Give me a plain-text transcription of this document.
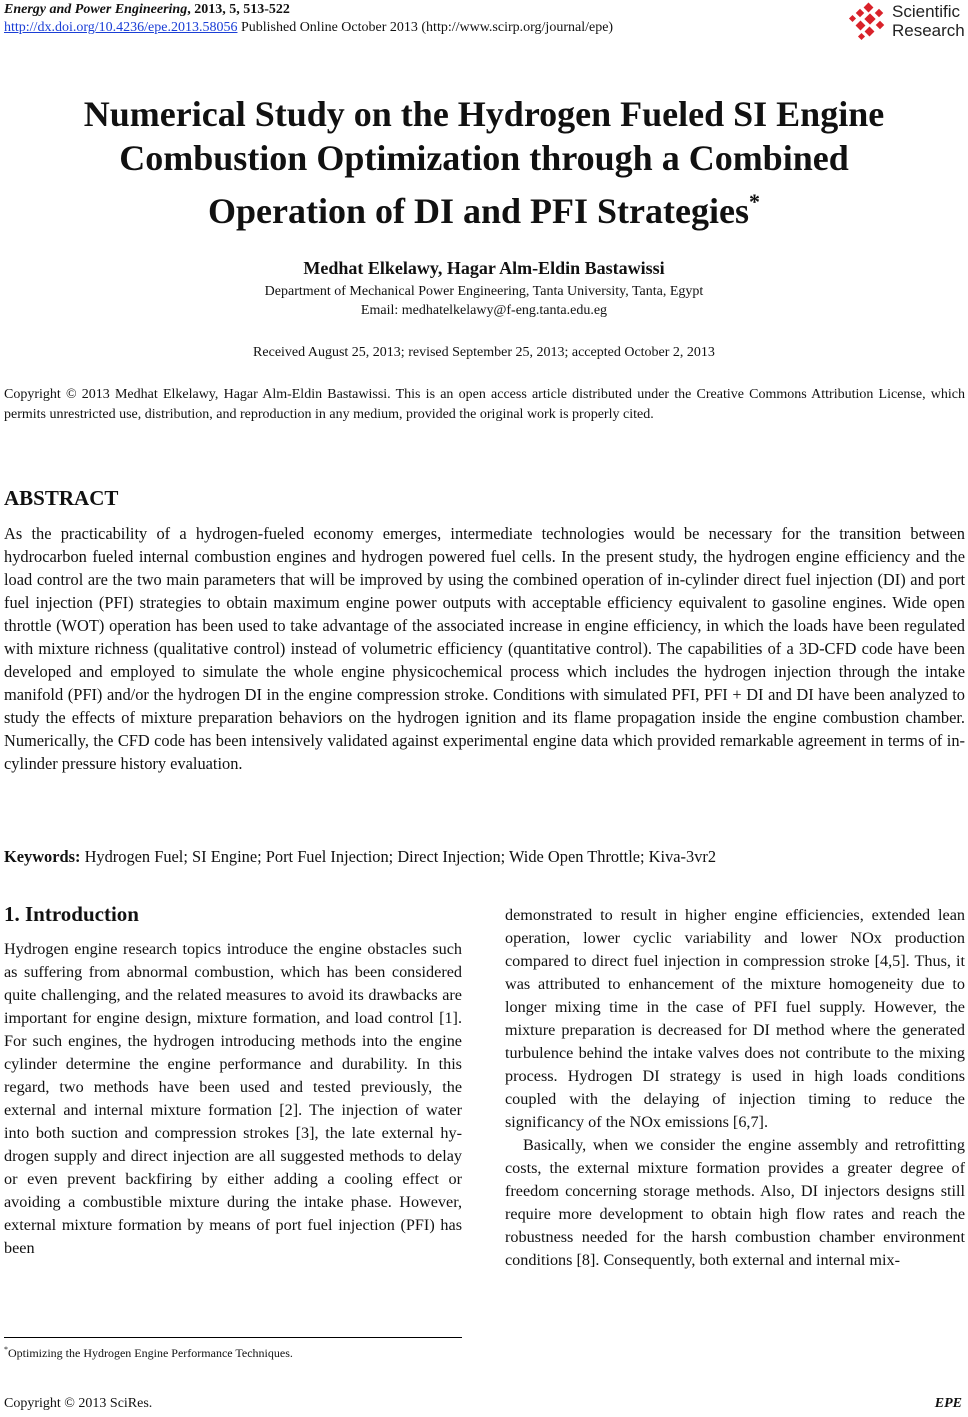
Energy and Power Engineering, 2013, 5, 513-522
http://dx.doi.org/10.4236/epe.2013.58056 Published Online October 2013 (http://www.scirp.org/journal/epe)
Scientific
Research
Numerical Study on the Hydrogen Fueled SI Engine
Combustion Optimization through a Combined
Operation of DI and PFI Strategies*
Medhat Elkelawy, Hagar Alm-Eldin Bastawissi
Department of Mechanical Power Engineering, Tanta University, Tanta, Egypt
Email: medhatelkelawy@f-eng.tanta.edu.eg
Received August 25, 2013; revised September 25, 2013; accepted October 2, 2013
Copyright © 2013 Medhat Elkelawy, Hagar Alm-Eldin Bastawissi. This is an open access article distributed under the Creative Commons Attribution License, which permits unrestricted use, distribution, and reproduction in any medium, provided the original work is properly cited.
ABSTRACT
As the practicability of a hydrogen-fueled economy emerges, intermediate technologies would be necessary for the transition between hydrocarbon fueled internal combustion engines and hydrogen powered fuel cells. In the present study, the hydrogen engine efficiency and the load control are the two main parameters that will be improved by using the combined operation of in-cylinder direct fuel injection (DI) and port fuel injection (PFI) strategies to obtain maximum engine power outputs with acceptable efficiency equivalent to gasoline engines. Wide open throttle (WOT) operation has been used to take advantage of the associated increase in engine efficiency, in which the loads have been regulated with mixture richness (qualitative control) instead of volumetric efficiency (quantitative control). The capabilities of a 3D-CFD code have been developed and employed to simulate the whole engine physicochemical process which includes the hydrogen injection through the intake manifold (PFI) and/or the hydrogen DI in the engine compression stroke. Conditions with simulated PFI, PFI + DI and DI have been analyzed to study the effects of mixture preparation behaviors on the hydrogen ignition and its flame propagation inside the engine combustion chamber. Numerically, the CFD code has been intensively validated against experimental engine data which provided remarkable agreement in terms of in-cylinder pressure history evaluation.
Keywords: Hydrogen Fuel; SI Engine; Port Fuel Injection; Direct Injection; Wide Open Throttle; Kiva-3vr2
1. Introduction

Hydrogen engine research topics introduce the engine obstacles such as suffering from abnormal combustion, which has been considered quite challenging, and the related measures to avoid its drawbacks are important for engine design, mixture formation, and load control [1]. For such engines, the hydrogen introducing methods into the engine cylinder determine the engine performance and durability. In this regard, two methods have been used and tested previously, the external and internal mixture formation [2]. The injection of water into both suction and compression strokes [3], the late external hydrogen supply and direct injection are all suggested methods to delay or even prevent backfiring by either adding a cooling effect or avoiding a combustible mixture during the intake phase. However, external mixture formation by means of port fuel injection (PFI) has been

demonstrated to result in higher engine efficiencies, extended lean operation, lower cyclic variability and lower NOx production compared to direct fuel injection in compression stroke [4,5]. Thus, it was attributed to enhancement of the mixture homogeneity due to longer mixing time in the case of PFI fuel supply. However, the mixture preparation is decreased for DI method where the generated turbulence behind the intake valves does not contribute to the mixing process. Hydrogen DI strategy is used in high loads conditions coupled with the delaying of injection timing to reduce the significancy of the NOx emissions [6,7].

Basically, when we consider the engine assembly and retrofitting costs, the external mixture formation provides a greater degree of freedom concerning storage methods. Also, DI injectors designs still require more development to obtain high flow rates and reach the robustness needed for the harsh combustion chamber environment conditions [8]. Consequently, both external and internal mix-

*Optimizing the Hydrogen Engine Performance Techniques.
Copyright © 2013 SciRes.	EPE
